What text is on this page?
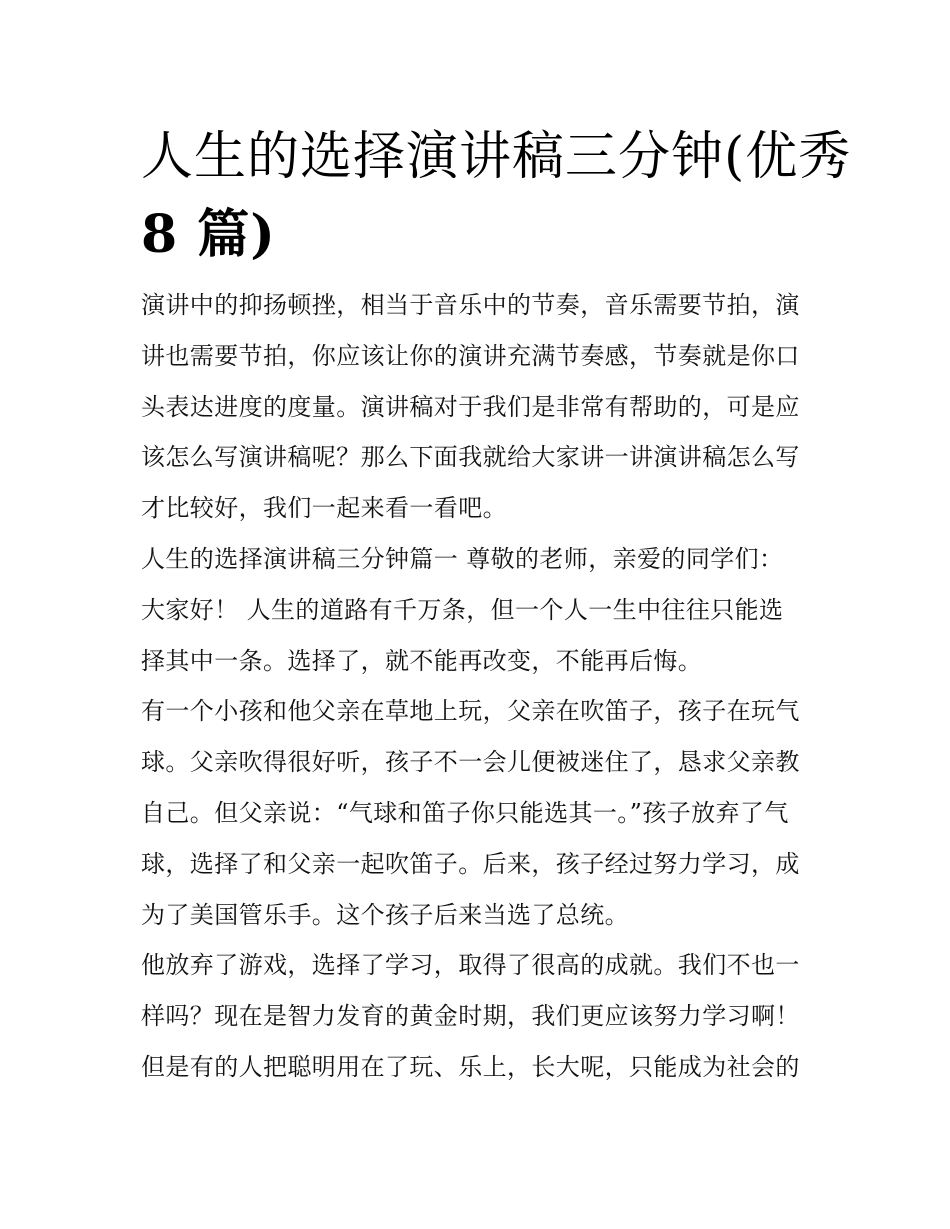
人生的选择演讲稿三分钟(优秀
8 篇)
演讲中的抑扬顿挫，相当于音乐中的节奏，音乐需要节拍，演
讲也需要节拍，你应该让你的演讲充满节奏感，节奏就是你口
头表达进度的度量。演讲稿对于我们是非常有帮助的，可是应
该怎么写演讲稿呢？那么下面我就给大家讲一讲演讲稿怎么写
才比较好，我们一起来看一看吧。
人生的选择演讲稿三分钟篇一 尊敬的老师，亲爱的同学们：
大家好！ 人生的道路有千万条，但一个人一生中往往只能选
择其中一条。选择了，就不能再改变，不能再后悔。
有一个小孩和他父亲在草地上玩，父亲在吹笛子，孩子在玩气
球。父亲吹得很好听，孩子不一会儿便被迷住了，恳求父亲教
自己。但父亲说：“气球和笛子你只能选其一。”孩子放弃了气
球，选择了和父亲一起吹笛子。后来，孩子经过努力学习，成
为了美国管乐手。这个孩子后来当选了总统。
他放弃了游戏，选择了学习，取得了很高的成就。我们不也一
样吗？现在是智力发育的黄金时期，我们更应该努力学习啊！
但是有的人把聪明用在了玩、乐上，长大呢，只能成为社会的
